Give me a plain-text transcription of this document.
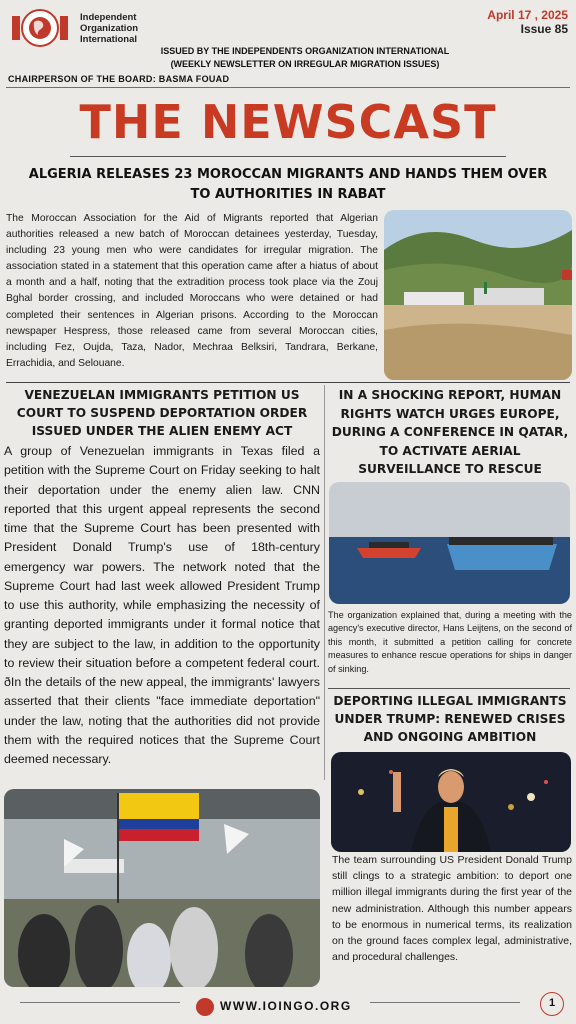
Independent
Organization
International
April 17 , 2025
Issue 85
ISSUED BY THE INDEPENDENTS ORGANIZATION INTERNATIONAL
(WEEKLY NEWSLETTER ON IRREGULAR MIGRATION ISSUES)
CHAIRPERSON OF THE BOARD: BASMA FOUAD
THE NEWSCAST
ALGERIA RELEASES 23 MOROCCAN MIGRANTS AND HANDS THEM OVER TO AUTHORITIES IN RABAT
The Moroccan Association for the Aid of Migrants reported that Algerian authorities released a new batch of Moroccan detainees yesterday, Tuesday, including 23 young men who were candidates for irregular migration. The association stated in a statement that this operation came after a hiatus of about a month and a half, noting that the extradition process took place via the Zouj Bghal border crossing, and included Moroccans who were detained or had completed their sentences in Algerian prisons. According to the Moroccan newspaper Hespress, those released came from several Moroccan cities, including Fez, Oujda, Taza, Nador, Mechraa Belksiri, Tandrara, Berkane, Errachidia, and Selouane.
VENEZUELAN IMMIGRANTS PETITION US COURT TO SUSPEND DEPORTATION ORDER ISSUED UNDER THE ALIEN ENEMY ACT
A group of Venezuelan immigrants in Texas filed a petition with the Supreme Court on Friday seeking to halt their deportation under the enemy alien law. CNN reported that this urgent appeal represents the second time that the Supreme Court has been presented with President Donald Trump's use of 18th-century emergency war powers. The network noted that the Supreme Court had last week allowed President Trump to use this authority, while emphasizing the necessity of granting deported immigrants under it formal notice that they are subject to the law, in addition to the opportunity to review their situation before a competent federal court. ðIn the details of the new appeal, the immigrants' lawyers asserted that their clients "face immediate deportation" under the law, noting that the authorities did not provide them with the required notices that the Supreme Court deemed necessary.
IN A SHOCKING REPORT, HUMAN RIGHTS WATCH URGES EUROPE, DURING A CONFERENCE IN QATAR, TO ACTIVATE AERIAL SURVEILLANCE TO RESCUE
The organization explained that, during a meeting with the agency's executive director, Hans Leijtens, on the second of this month, it submitted a petition calling for concrete measures to enhance rescue operations for ships in danger of sinking.
DEPORTING ILLEGAL IMMIGRANTS UNDER TRUMP: RENEWED CRISES AND ONGOING AMBITION
The team surrounding US President Donald Trump still clings to a strategic ambition: to deport one million illegal immigrants during the first year of the new administration. Although this number appears to be enormous in numerical terms, its realization on the ground faces complex legal, administrative, and procedural challenges.
WWW.IOINGO.ORG	1
